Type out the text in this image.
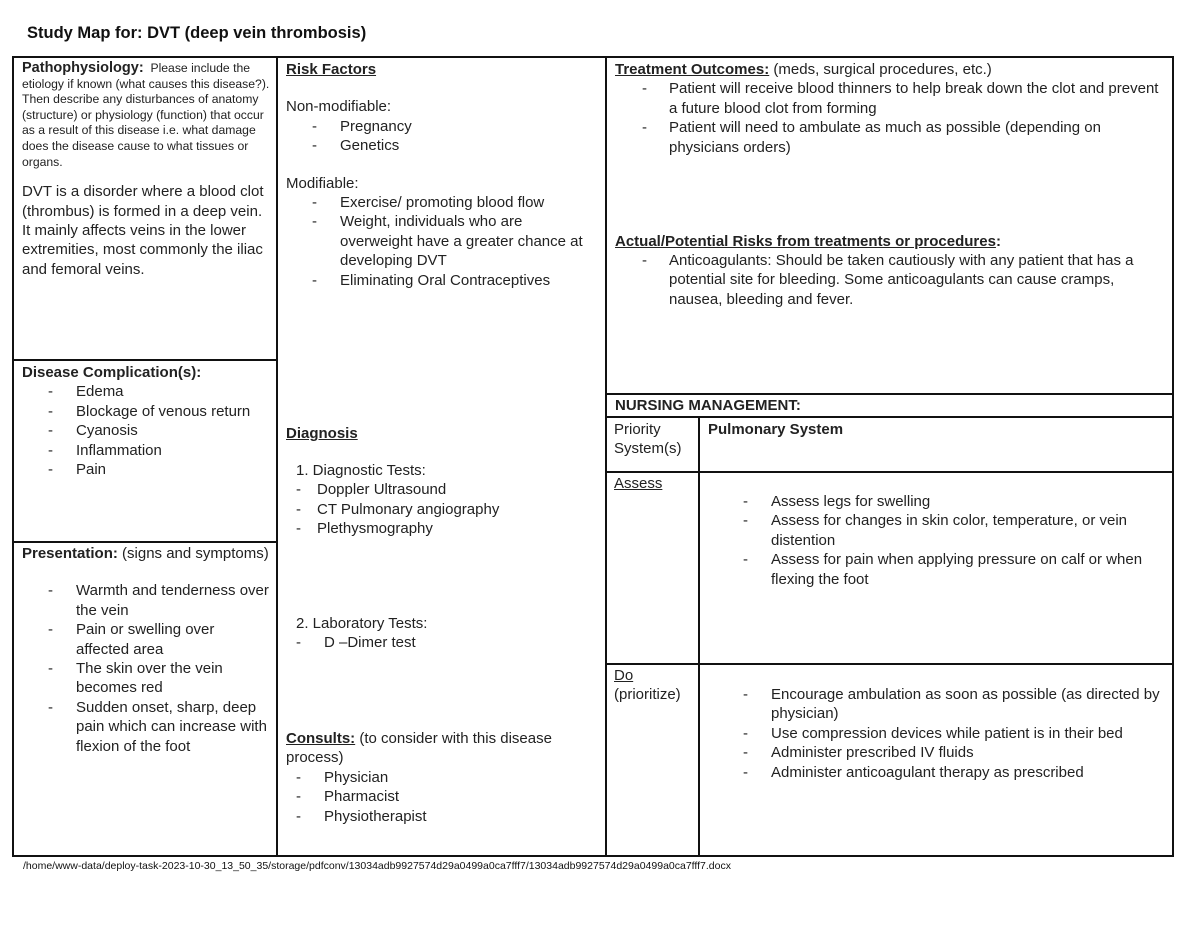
Study Map for: DVT (deep vein thrombosis)
Pathophysiology: Please include the etiology if known (what causes this disease?). Then describe any disturbances of anatomy (structure) or physiology (function) that occur as a result of this disease i.e. what damage does the disease cause to what tissues or organs.
DVT is a disorder where a blood clot (thrombus) is formed in a deep vein. It mainly affects veins in the lower extremities, most commonly the iliac and femoral veins.
Disease Complication(s):
- Edema
- Blockage of venous return
- Cyanosis
- Inflammation
- Pain
Presentation: (signs and symptoms)
- Warmth and tenderness over the vein
- Pain or swelling over affected area
- The skin over the vein becomes red
- Sudden onset, sharp, deep pain which can increase with flexion of the foot
Risk Factors
Non-modifiable:
- Pregnancy
- Genetics
Modifiable:
- Exercise/ promoting blood flow
- Weight, individuals who are overweight have a greater chance at developing DVT
- Eliminating Oral Contraceptives
Diagnosis
1. Diagnostic Tests:
- Doppler Ultrasound
- CT Pulmonary angiography
- Plethysmography
2. Laboratory Tests:
- D –Dimer test
Consults: (to consider with this disease process)
- Physician
- Pharmacist
- Physiotherapist
Treatment Outcomes: (meds, surgical procedures, etc.)
- Patient will receive blood thinners to help break down the clot and prevent a future blood clot from forming
- Patient will need to ambulate as much as possible (depending on physicians orders)
Actual/Potential Risks from treatments or procedures:
- Anticoagulants: Should be taken cautiously with any patient that has a potential site for bleeding. Some anticoagulants can cause cramps, nausea, bleeding and fever.
NURSING MANAGEMENT:
Priority System(s)
Pulmonary System
Assess
- Assess legs for swelling
- Assess for changes in skin color, temperature, or vein distention
- Assess for pain when applying pressure on calf or when flexing the foot
Do
(prioritize)
-	Encourage ambulation as soon as possible (as directed by physician)
- Use compression devices while patient is in their bed
- Administer prescribed IV fluids
- Administer anticoagulant therapy as prescribed
/home/www-data/deploy-task-2023-10-30_13_50_35/storage/pdfconv/13034adb9927574d29a0499a0ca7fff7/13034adb9927574d29a0499a0ca7fff7.docx
